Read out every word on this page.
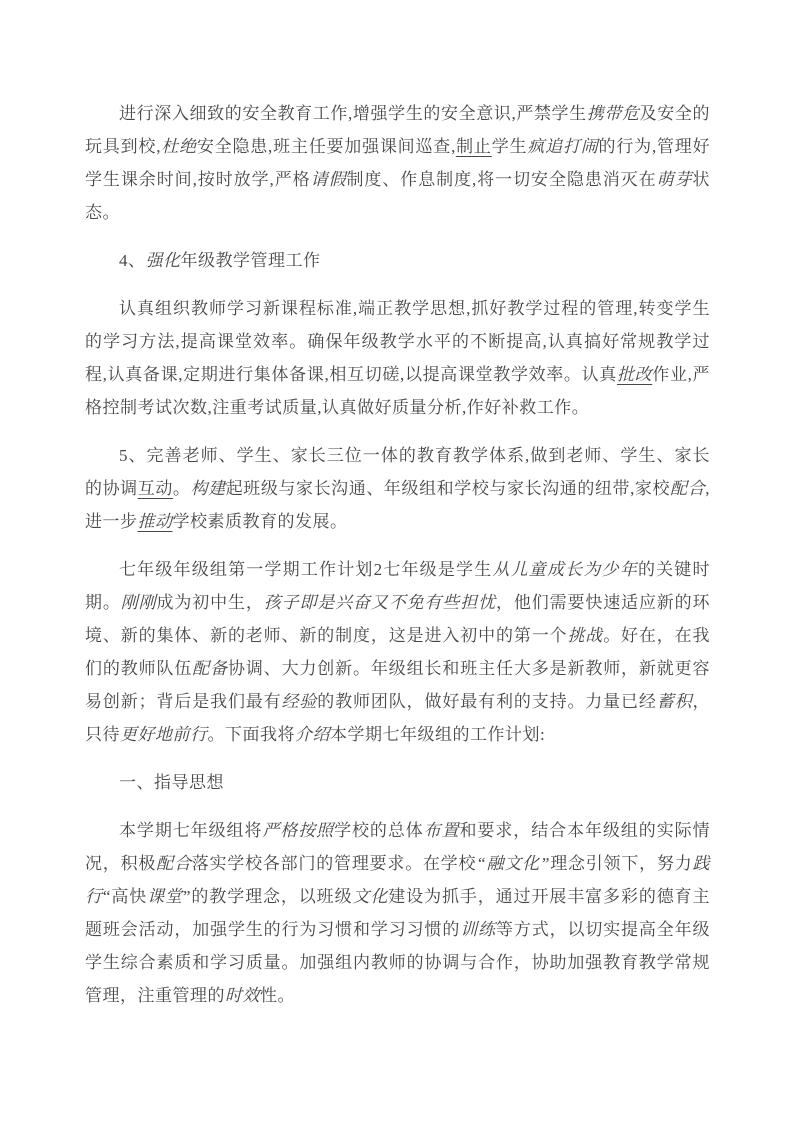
进行深入细致的安全教育工作,增强学生的安全意识,严禁学生携带危及安全的玩具到校,杜绝安全隐患,班主任要加强课间巡查,制止学生疯追打闹的行为,管理好学生课余时间,按时放学,严格请假制度、作息制度,将一切安全隐患消灭在萌芽状态。

4、强化年级教学管理工作

认真组织教师学习新课程标准,端正教学思想,抓好教学过程的管理,转变学生的学习方法,提高课堂效率。确保年级教学水平的不断提高,认真搞好常规教学过程,认真备课,定期进行集体备课,相互切磋,以提高课堂教学效率。认真批改作业,严格控制考试次数,注重考试质量,认真做好质量分析,作好补救工作。

5、完善老师、学生、家长三位一体的教育教学体系,做到老师、学生、家长的协调互动。构建起班级与家长沟通、年级组和学校与家长沟通的纽带,家校配合,进一步推动学校素质教育的发展。

七年级年级组第一学期工作计划2七年级是学生从儿童成长为少年的关键时期。刚刚成为初中生，孩子即是兴奋又不免有些担忧，他们需要快速适应新的环境、新的集体、新的老师、新的制度，这是进入初中的第一个挑战。好在，在我们的教师队伍配备协调、大力创新。年级组长和班主任大多是新教师，新就更容易创新；背后是我们最有经验的教师团队，做好最有利的支持。力量已经蓄积，只待更好地前行。下面我将介绍本学期七年级组的工作计划:

一、指导思想

本学期七年级组将严格按照学校的总体布置和要求，结合本年级组的实际情况，积极配合落实学校各部门的管理要求。在学校“融文化”理念引领下，努力践行“高快课堂”的教学理念，以班级文化建设为抓手，通过开展丰富多彩的德育主题班会活动，加强学生的行为习惯和学习习惯的训练等方式，以切实提高全年级学生综合素质和学习质量。加强组内教师的协调与合作，协助加强教育教学常规管理，注重管理的时效性。
